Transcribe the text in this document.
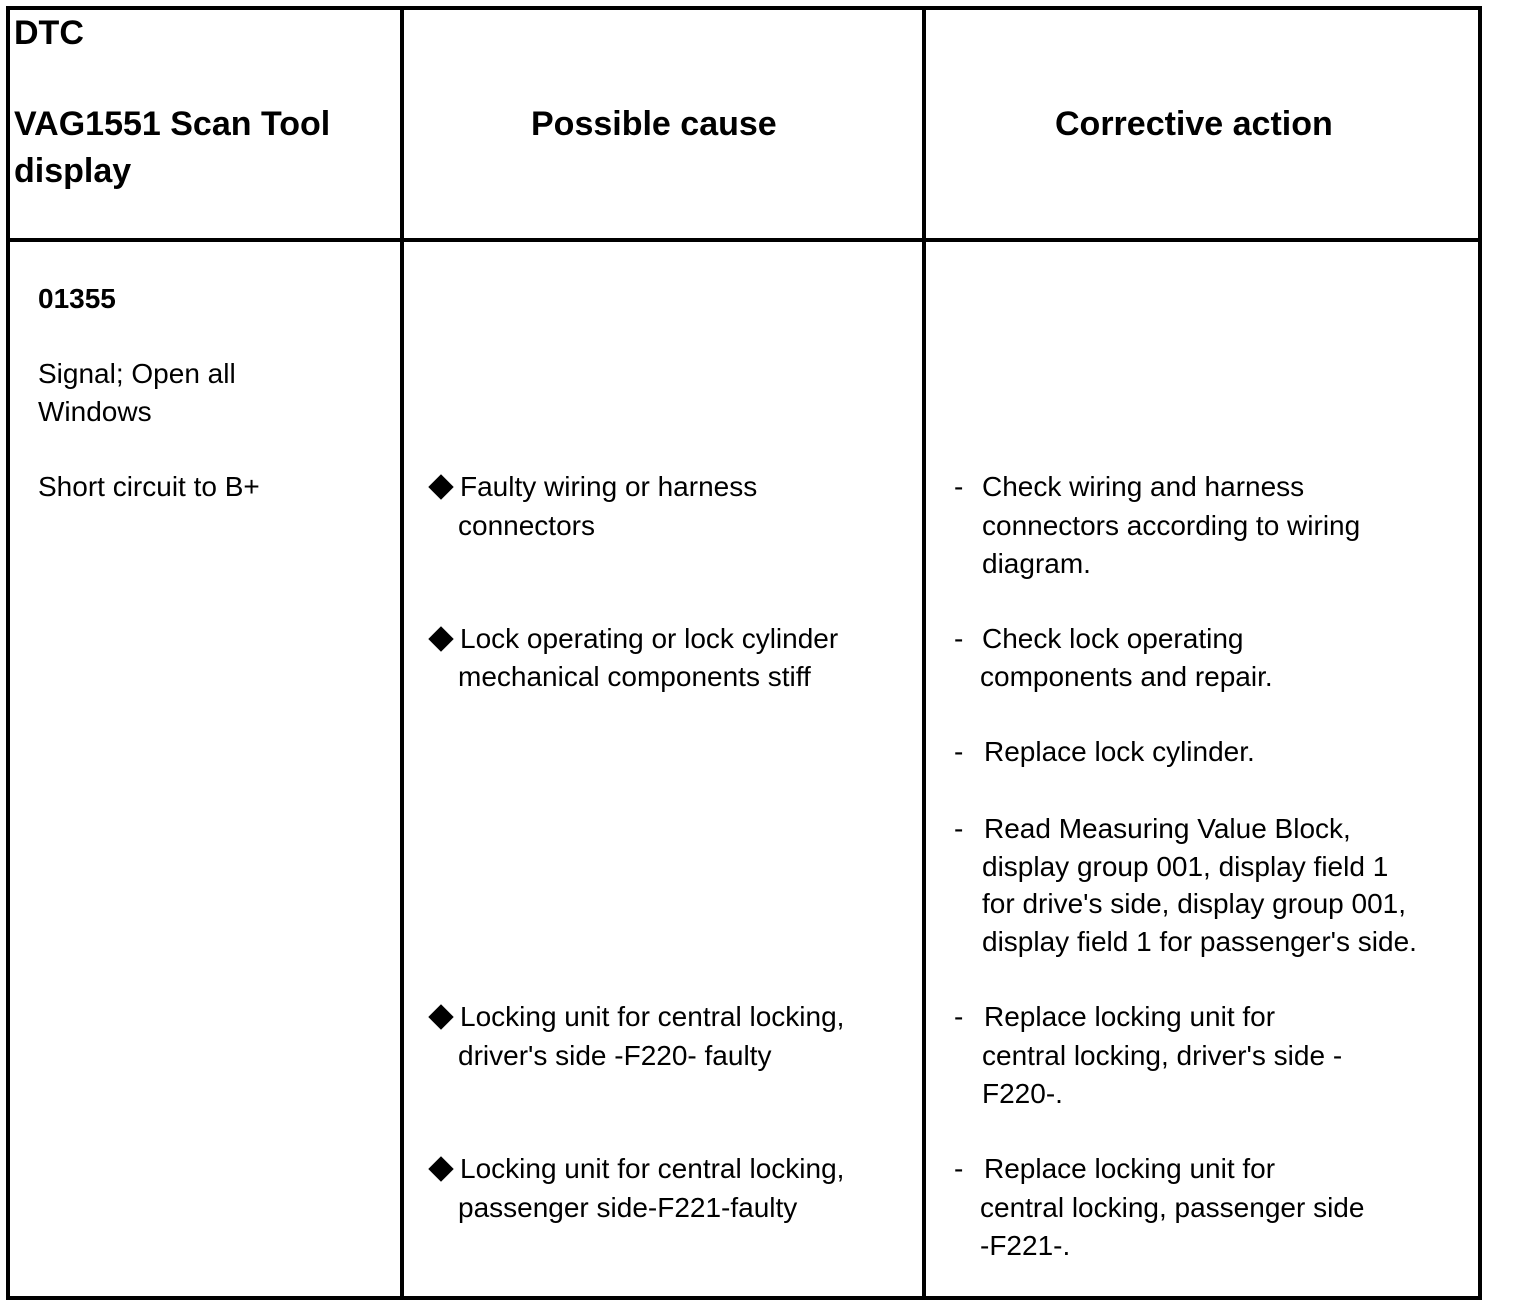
DTC
VAG1551 Scan Tool
display
Possible cause	Corrective action
01355
Signal; Open all
Windows
Short circuit to B+	Faulty wiring or harness
connectors
Lock operating or lock cylinder
mechanical components stiff
Locking unit for central locking,
driver's side -F220- faulty
Locking unit for central locking,
passenger side-F221-faulty
- Check wiring and harness
connectors according to wiring
diagram.
- Check lock operating
components and repair.
- Replace lock cylinder.
- Read Measuring Value Block,
display group 001, display field 1
for drive's side, display group 001,
display field 1 for passenger's side.
- Replace locking unit for
central locking, driver's side -
F220-.
- Replace locking unit for
central locking, passenger side
-F221-.
